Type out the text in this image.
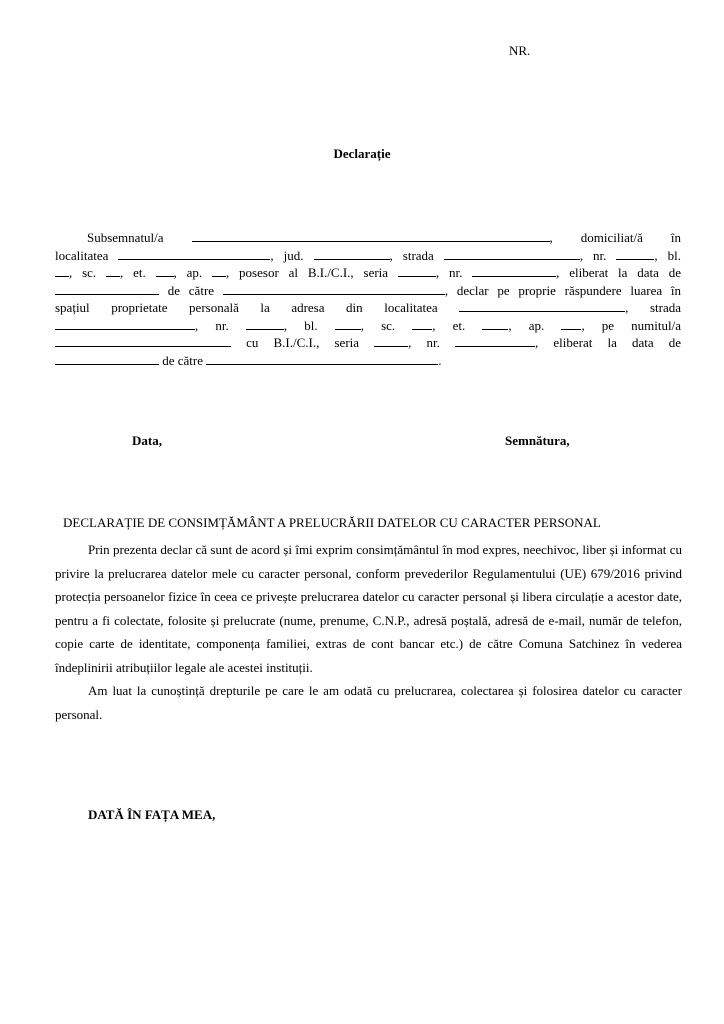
NR.
Declarație
Subsemnatul/a	, domiciliat/ă în
localitatea	, jud.	, strada	, nr.	, bl.
, sc. , et. , ap. , posesor al B.I./C.I., seria	, nr.	, eliberat la data de
de către	, declar pe proprie răspundere luarea în
spațiul proprietate personală la adresa din localitatea	, strada
, nr.	, bl.	, sc.	, et.	, ap.	, pe numitul/a
cu B.I./C.I., seria	, nr.	, eliberat la data de
de către	.
Data,	Semnătura,
DECLARAȚIE DE CONSIMȚĂMÂNT A PRELUCRĂRII DATELOR CU CARACTER PERSONAL

Prin prezenta declar că sunt de acord și îmi exprim consimțământul în mod expres, neechivoc, liber și informat cu privire la prelucrarea datelor mele cu caracter personal, conform prevederilor Regulamentului (UE) 679/2016 privind protecția persoanelor fizice în ceea ce privește prelucrarea datelor cu caracter personal și libera circulație a acestor date, pentru a fi colectate, folosite și prelucrate (nume, prenume, C.N.P., adresă poștală, adresă de e-mail, număr de telefon, copie carte de identitate, componența familiei, extras de cont bancar etc.) de către Comuna Satchinez în vederea îndeplinirii atribuțiilor legale ale acestei instituții.

Am luat la cunoștință drepturile pe care le am odată cu prelucrarea, colectarea și folosirea datelor cu caracter personal.

DATĂ ÎN FAȚA MEA,
